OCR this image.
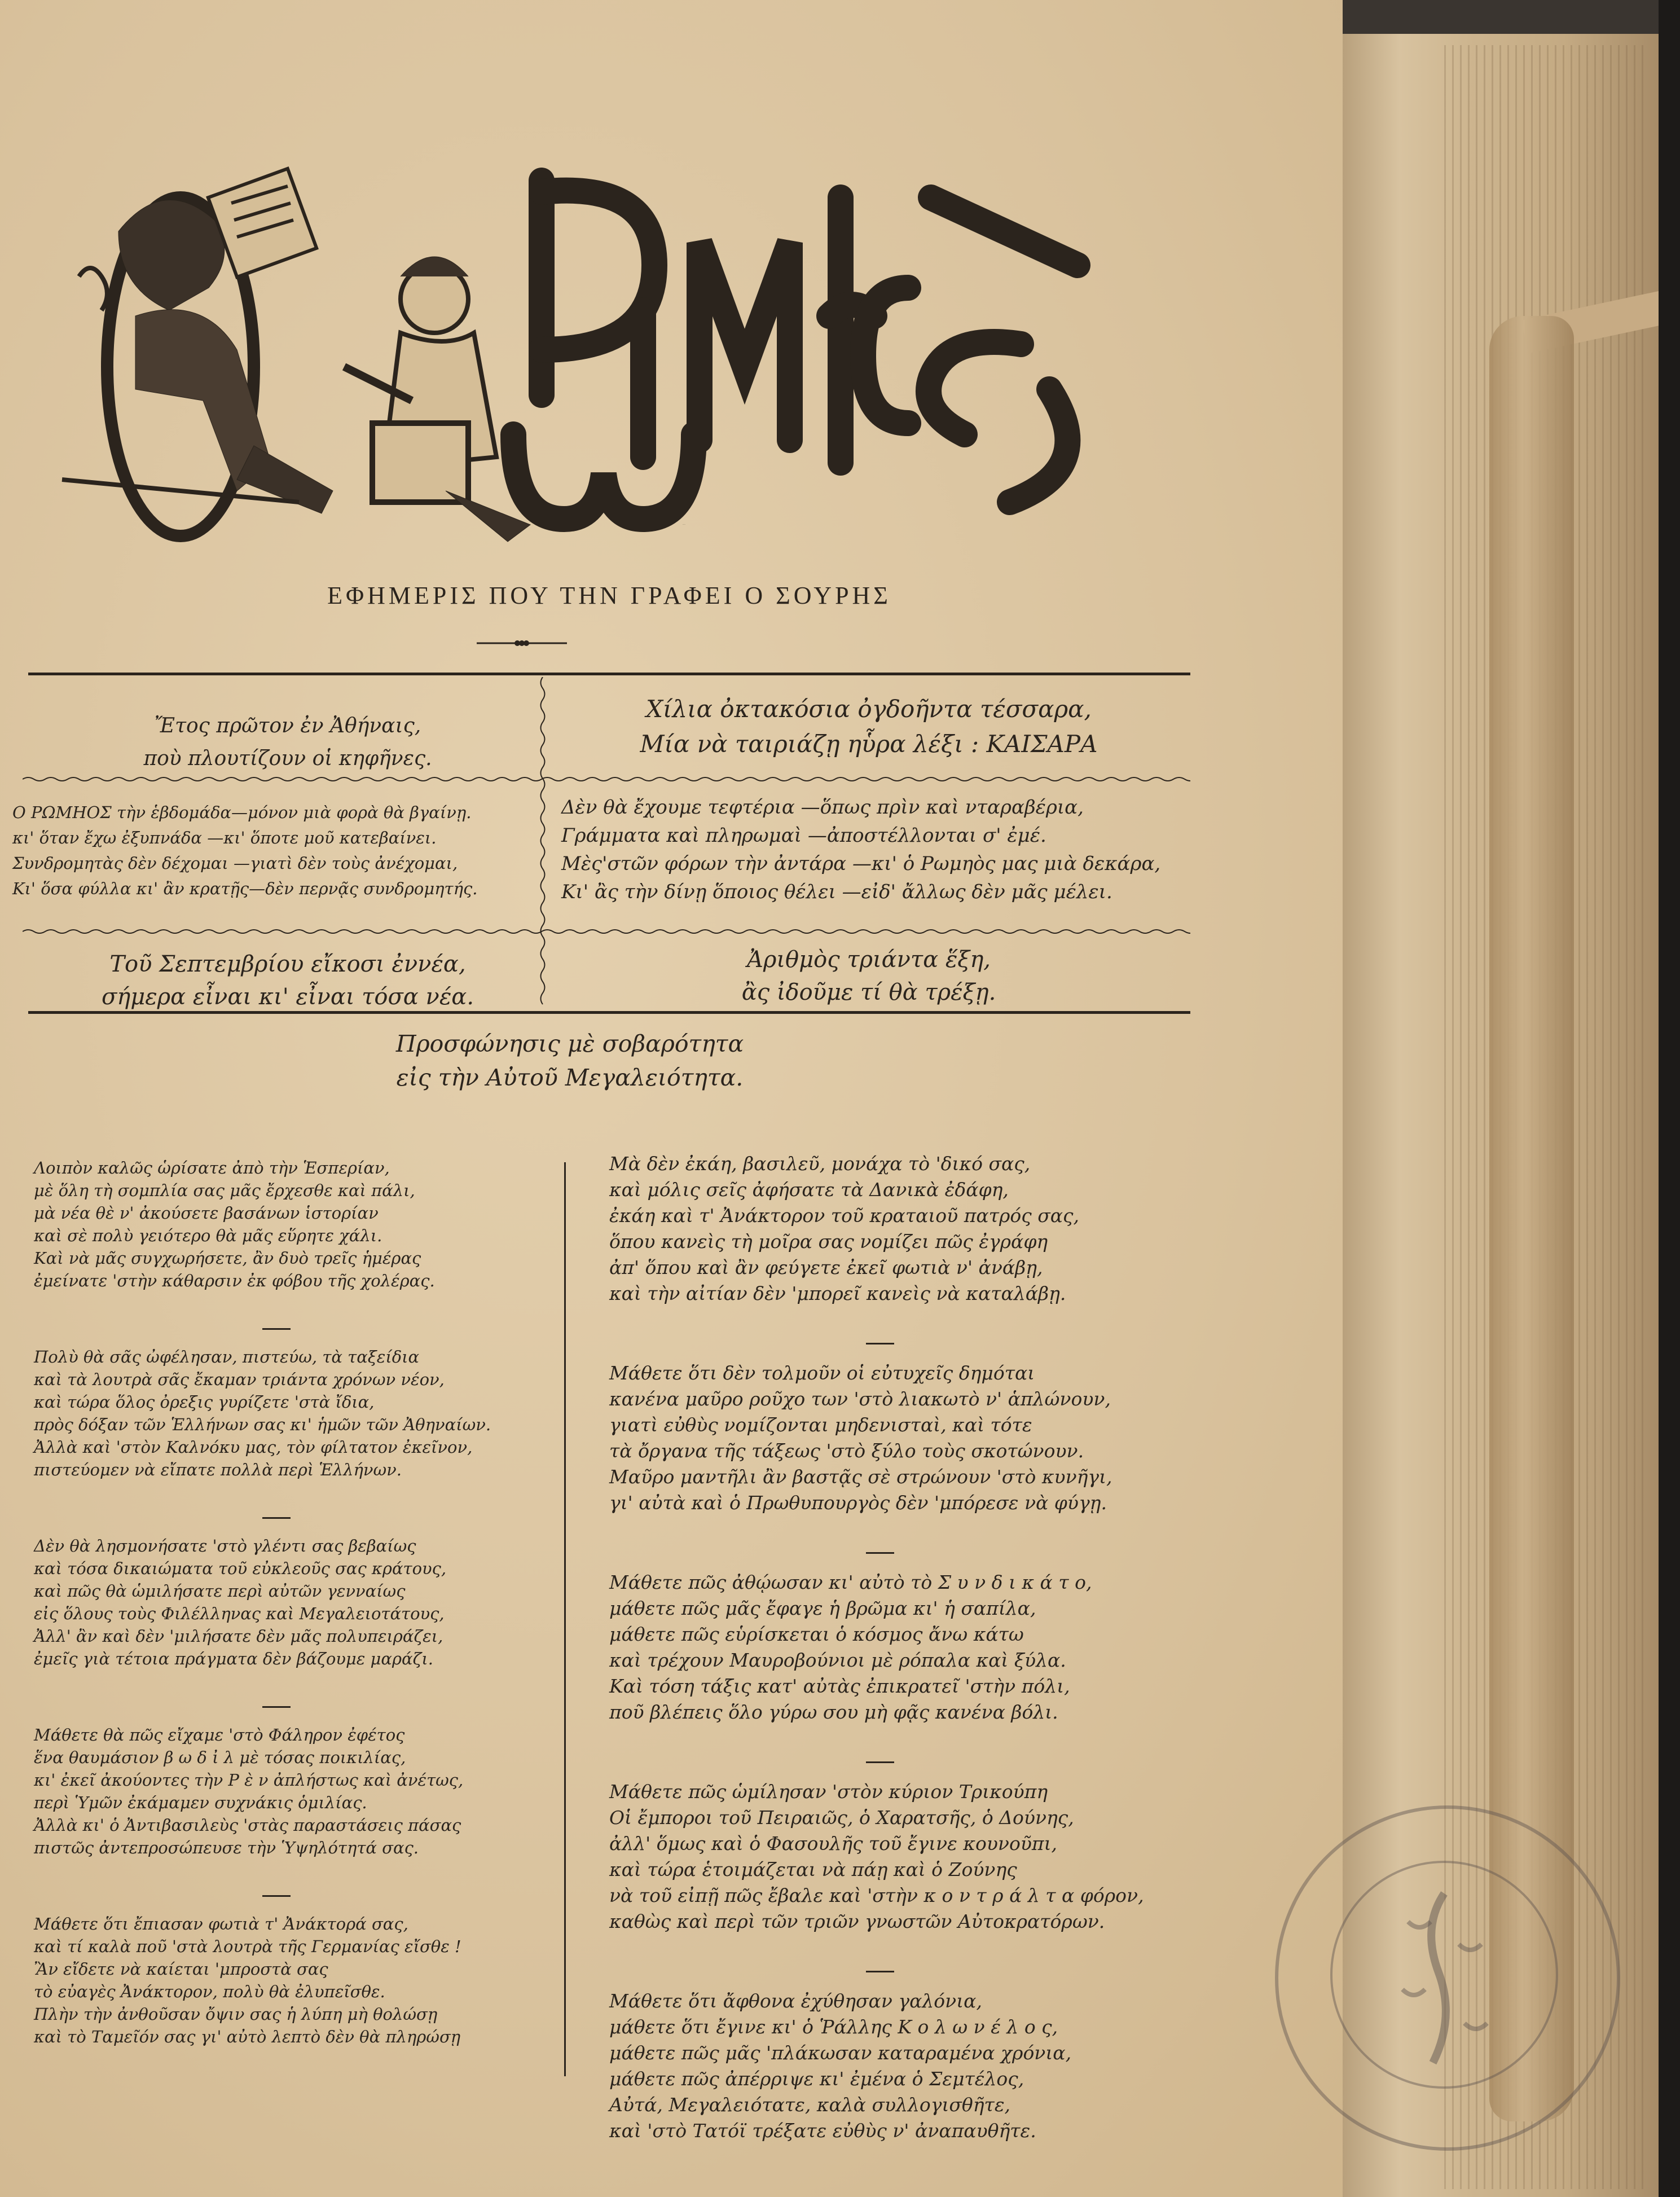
ΡΩΜΗΟΣ
ΕΦΗΜΕΡΙΣ ΠΟΥ ΤΗΝ ΓΡΑΦΕΙ Ο ΣΟΥΡΗΣ
Ἔτος πρῶτον ἐν Ἀθήναις,
ποὺ πλουτίζουν οἱ κηφῆνες.
Χίλια ὀκτακόσια ὀγδοῆντα τέσσαρα,
Μία νὰ ταιριάζῃ ηὗρα λέξι : ΚΑΙΣΑΡΑ
Ο ΡΩΜΗΟΣ τὴν ἑβδομάδα—μόνον μιὰ φορὰ θὰ βγαίνῃ.
κι' ὅταν ἔχω ἐξυπνάδα —κι' ὅποτε μοῦ κατεβαίνει.
Συνδρομητὰς δὲν δέχομαι —γιατὶ δὲν τοὺς ἀνέχομαι,
Κι' ὅσα φύλλα κι' ἂν κρατῇς—δὲν περνᾷς συνδρομητής.
Δὲν θὰ ἔχουμε τεφτέρια —ὅπως πρὶν καὶ νταραβέρια,
Γράμματα καὶ πληρωμαὶ —ἀποστέλλονται σ' ἐμέ.
Μὲς'στῶν φόρων τὴν ἀντάρα —κι' ὁ Ρωμηὸς μας μιὰ δεκάρα,
Κι' ἂς τὴν δίνῃ ὅποιος θέλει —εἰδ' ἄλλως δὲν μᾶς μέλει.
Τοῦ Σεπτεμβρίου εἴκοσι ἐννέα,
σήμερα εἶναι κι' εἶναι τόσα νέα.
Ἀριθμὸς τριάντα ἕξη,
ἂς ἰδοῦμε τί θὰ τρέξῃ.
Προσφώνησις μὲ σοβαρότητα
εἰς τὴν Αὐτοῦ Μεγαλειότητα.
Λοιπὸν καλῶς ὡρίσατε ἀπὸ τὴν Ἑσπερίαν,
μὲ ὅλη τὴ σομπλία σας μᾶς ἔρχεσθε καὶ πάλι,
μὰ νέα θὲ ν' ἀκούσετε βασάνων ἱστορίαν
καὶ σὲ πολὺ γειότερο θὰ μᾶς εὕρητε χάλι.
Καὶ νὰ μᾶς συγχωρήσετε, ἂν δυὸ τρεῖς ἡμέρας
ἐμείνατε 'στὴν κάθαρσιν ἐκ φόβου τῆς χολέρας.
Πολὺ θὰ σᾶς ὠφέλησαν, πιστεύω, τὰ ταξείδια
καὶ τὰ λουτρὰ σᾶς ἔκαμαν τριάντα χρόνων νέον,
καὶ τώρα ὅλος ὀρεξις γυρίζετε 'στὰ ἴδια,
πρὸς δόξαν τῶν Ἑλλήνων σας κι' ἡμῶν τῶν Ἀθηναίων.
Ἀλλὰ καὶ 'στὸν Καλνόκυ μας, τὸν φίλτατον ἐκεῖνον,
πιστεύομεν νὰ εἴπατε πολλὰ περὶ Ἑλλήνων.
Δὲν θὰ λησμονήσατε 'στὸ γλέντι σας βεβαίως
καὶ τόσα δικαιώματα τοῦ εὐκλεοῦς σας κράτους,
καὶ πῶς θὰ ὡμιλήσατε περὶ αὐτῶν γενναίως
εἰς ὅλους τοὺς Φιλέλληνας καὶ Μεγαλειοτάτους,
Ἀλλ' ἂν καὶ δὲν 'μιλήσατε δὲν μᾶς πολυπειράζει,
ἐμεῖς γιὰ τέτοια πράγματα δὲν βάζουμε μαράζι.
Μάθετε θὰ πῶς εἴχαμε 'στὸ Φάληρον ἐφέτος
ἕνα θαυμάσιον β ω δ ἰ λ μὲ τόσας ποικιλίας,
κι' ἐκεῖ ἀκούοντες τὴν Ρ ὲ ν ἀπλήστως καὶ ἀνέτως,
περὶ Ὑμῶν ἐκάμαμεν συχνάκις ὁμιλίας.
Ἀλλὰ κι' ὁ Ἀντιβασιλεὺς 'στὰς παραστάσεις πάσας
πιστῶς ἀντεπροσώπευσε τὴν Ὑψηλότητά σας.
Μάθετε ὅτι ἔπιασαν φωτιὰ τ' Ἀνάκτορά σας,
καὶ τί καλὰ ποῦ 'στὰ λουτρὰ τῆς Γερμανίας εἴσθε !
Ἂν εἴδετε νὰ καίεται 'μπροστὰ σας
τὸ εὐαγὲς Ἀνάκτορον, πολὺ θὰ ἐλυπεῖσθε.
Πλὴν τὴν ἀνθοῦσαν ὄψιν σας ἡ λύπη μὴ θολώσῃ
καὶ τὸ Ταμεῖόν σας γι' αὐτὸ λεπτὸ δὲν θὰ πληρώσῃ
Μὰ δὲν ἐκάη, βασιλεῦ, μονάχα τὸ 'δικό σας,
καὶ μόλις σεῖς ἀφήσατε τὰ Δανικὰ ἐδάφη,
ἐκάη καὶ τ' Ἀνάκτορον τοῦ κραταιοῦ πατρός σας,
ὅπου κανεὶς τὴ μοῖρα σας νομίζει πῶς ἐγράφη
ἀπ' ὅπου καὶ ἂν φεύγετε ἐκεῖ φωτιὰ ν' ἀνάβῃ,
καὶ τὴν αἰτίαν δὲν 'μπορεῖ κανεὶς νὰ καταλάβῃ.
Μάθετε ὅτι δὲν τολμοῦν οἱ εὐτυχεῖς δημόται
κανένα μαῦρο ροῦχο των 'στὸ λιακωτὸ ν' ἁπλώνουν,
γιατὶ εὐθὺς νομίζονται μηδενισταὶ, καὶ τότε
τὰ ὄργανα τῆς τάξεως 'στὸ ξύλο τοὺς σκοτώνουν.
Μαῦρο μαντῆλι ἂν βαστᾷς σὲ στρώνουν 'στὸ κυνῆγι,
γι' αὐτὰ καὶ ὁ Πρωθυπουργὸς δὲν 'μπόρεσε νὰ φύγῃ.
Μάθετε πῶς ἀθῴωσαν κι' αὐτὸ τὸ Σ υ ν δ ι κ ά τ ο,
μάθετε πῶς μᾶς ἔφαγε ἡ βρῶμα κι' ἡ σαπίλα,
μάθετε πῶς εὑρίσκεται ὁ κόσμος ἄνω κάτω
καὶ τρέχουν Μαυροβούνιοι μὲ ρόπαλα καὶ ξύλα.
Καὶ τόση τάξις κατ' αὐτὰς ἐπικρατεῖ 'στὴν πόλι,
ποῦ βλέπεις ὅλο γύρω σου μὴ φᾷς κανένα βόλι.
Μάθετε πῶς ὡμίλησαν 'στὸν κύριον Τρικούπη
Οἱ ἔμποροι τοῦ Πειραιῶς, ὁ Χαρατσῆς, ὁ Δούνης,
ἀλλ' ὅμως καὶ ὁ Φασουλῆς τοῦ ἔγινε κουνοῦπι,
καὶ τώρα ἑτοιμάζεται νὰ πάῃ καὶ ὁ Ζούνης
νὰ τοῦ εἰπῇ πῶς ἔβαλε καὶ 'στὴν κ ο ν τ ρ ά λ τ α φόρον,
καθὼς καὶ περὶ τῶν τριῶν γνωστῶν Αὐτοκρατόρων.
Μάθετε ὅτι ἄφθονα ἐχύθησαν γαλόνια,
μάθετε ὅτι ἔγινε κι' ὁ Ῥάλλης Κ ο λ ω ν έ λ ο ς,
μάθετε πῶς μᾶς 'πλάκωσαν καταραμένα χρόνια,
μάθετε πῶς ἀπέρριψε κι' ἐμένα ὁ Σεμτέλος,
Αὐτά, Μεγαλειότατε, καλὰ συλλογισθῆτε,
καὶ 'στὸ Τατόϊ τρέξατε εὐθὺς ν' ἀναπαυθῆτε.
